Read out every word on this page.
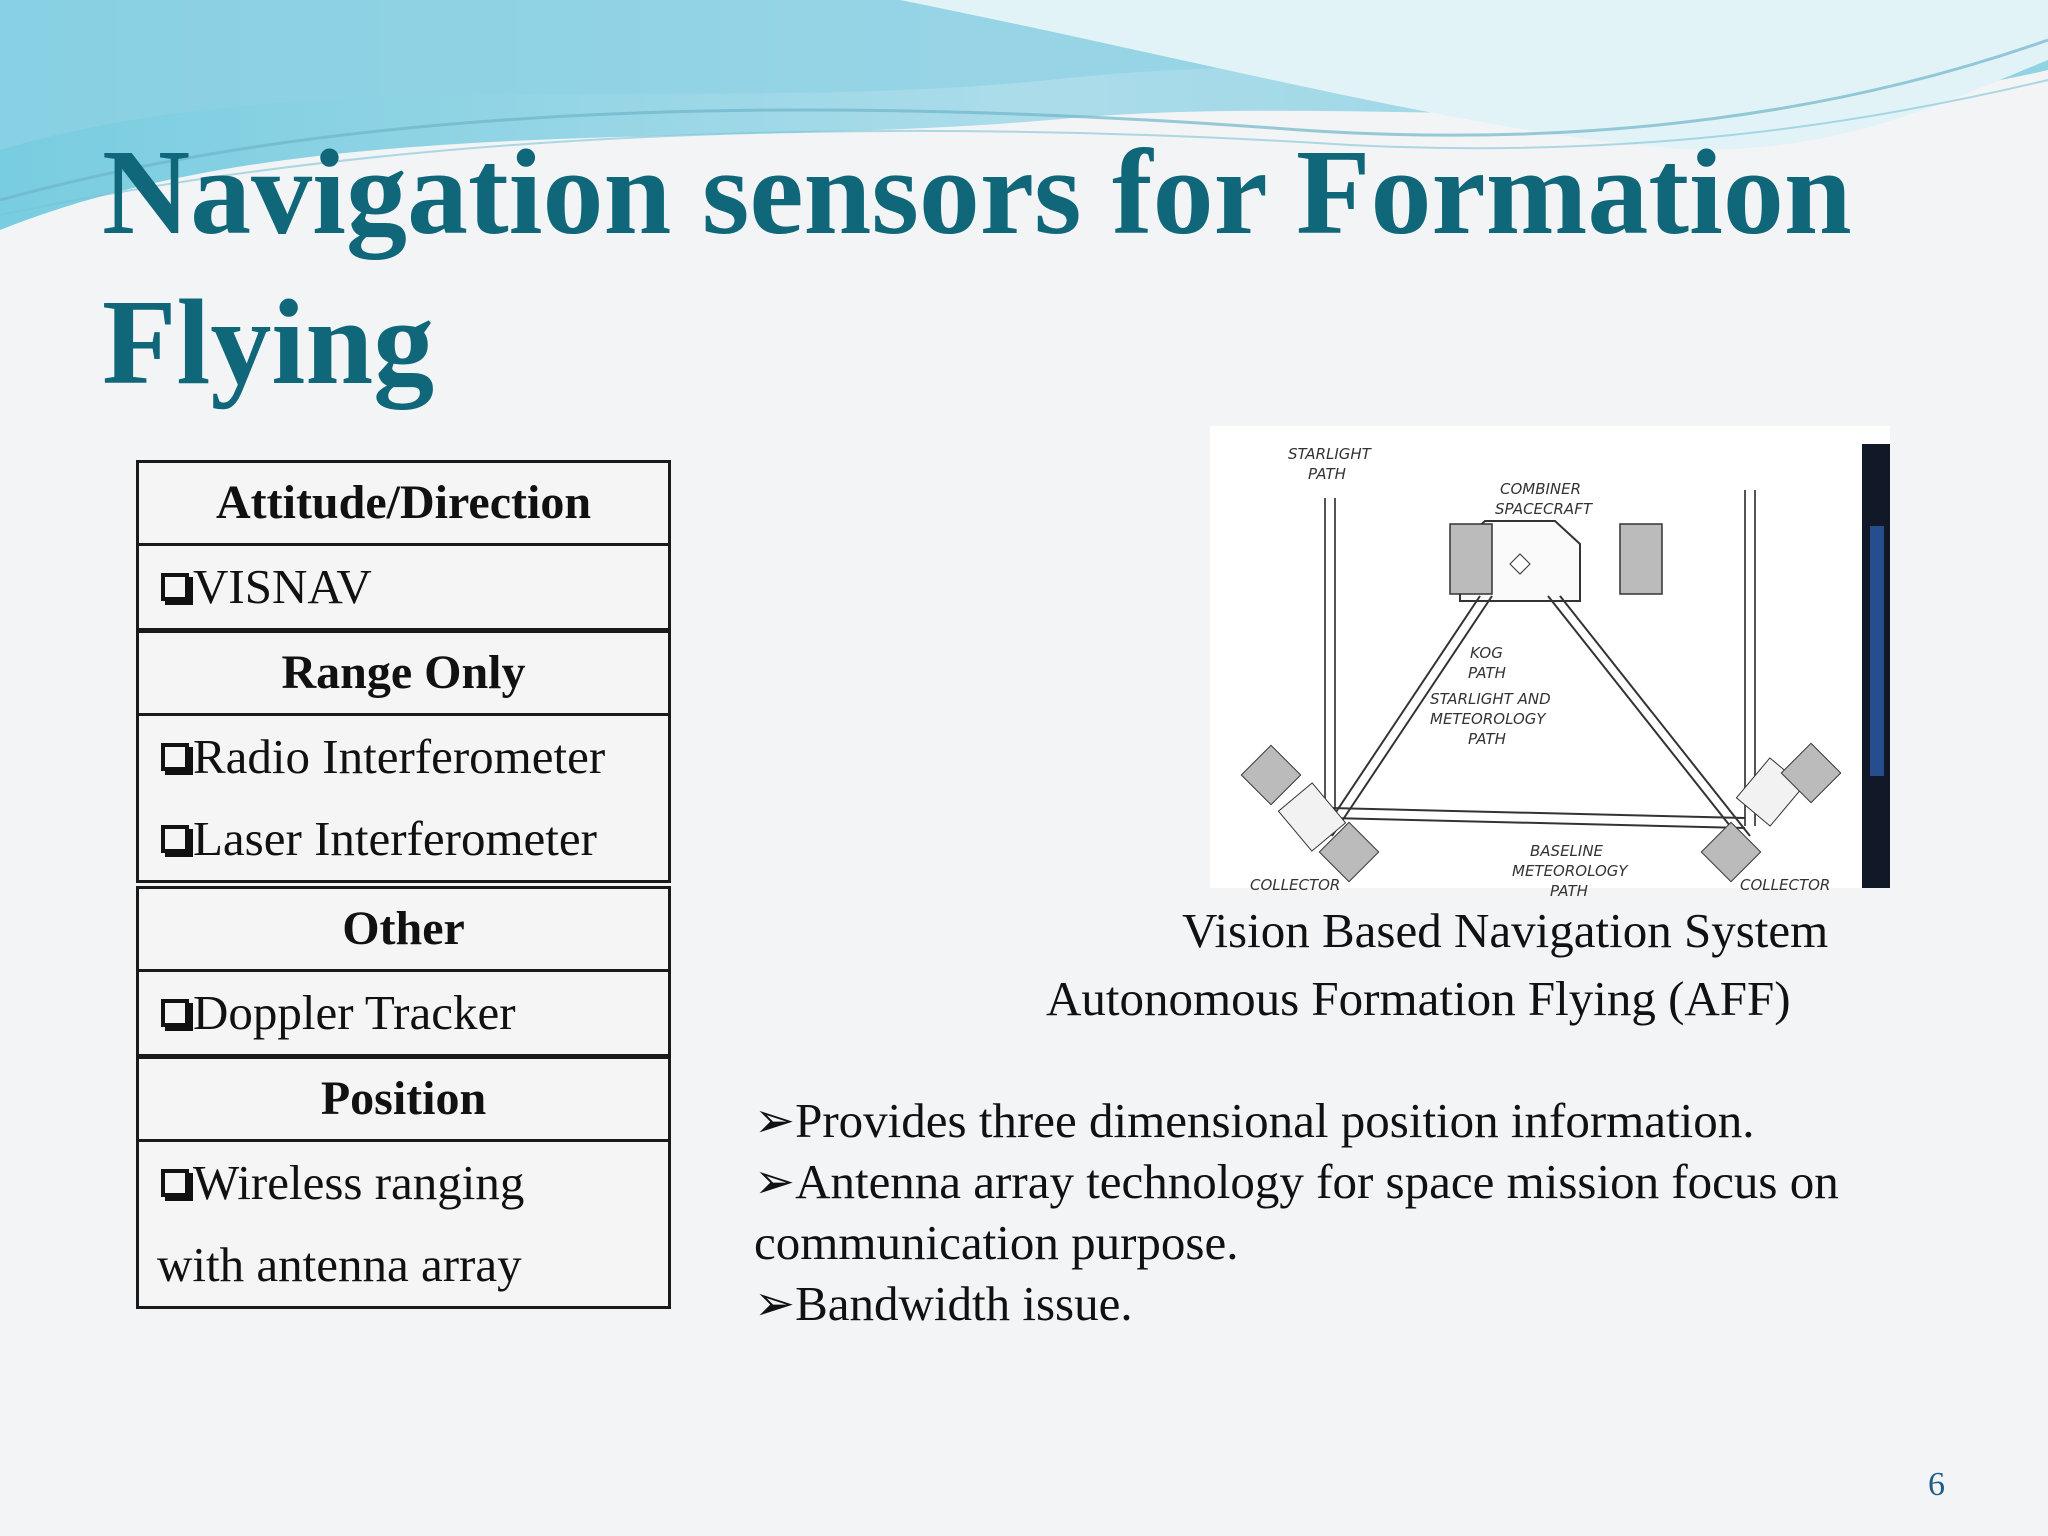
Navigation sensors for Formation Flying
Attitude/Direction
VISNAV
Range Only
Radio Interferometer
Laser Interferometer
Other
Doppler Tracker
Position
Wireless ranging
with antenna array
STARLIGHT
PATH
COMBINER
SPACECRAFT
KOG
PATH
STARLIGHT AND
METEOROLOGY
PATH
BASELINE
METEOROLOGY
PATH
COLLECTOR	COLLECTOR
Vision Based Navigation System
Autonomous Formation Flying (AFF)

➢Provides three dimensional position information.

➢Antenna array technology for space mission focus on communication purpose.

➢Bandwidth issue.

6
